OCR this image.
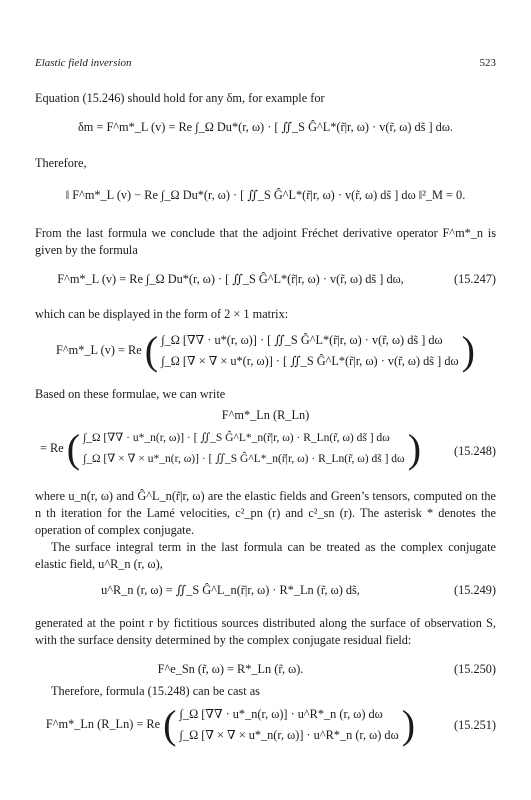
Elastic field inversion	523
Equation (15.246) should hold for any δm, for example for
δm = F^m*_L (v) = Re ∫_Ω Du*(r, ω) · [ ∬_S Ĝ^L*(r̃|r, ω) · v(r̃, ω) ds̃ ] dω.
Therefore,
‖ F^m*_L (v) − Re ∫_Ω Du*(r, ω) · [ ∬_S Ĝ^L*(r̃|r, ω) · v(r̃, ω) ds̃ ] dω ‖²_M = 0.
From the last formula we conclude that the adjoint Fréchet derivative operator F^m*_n is given by the formula
F^m*_L (v) = Re ∫_Ω Du*(r, ω) · [ ∬_S Ĝ^L*(r̃|r, ω) · v(r̃, ω) ds̃ ] dω,	(15.247)
which can be displayed in the form of 2 × 1 matrix:
F^m*_L (v) = Re ( ∫_Ω [∇∇ · u*(r, ω)] · [ ∬_S Ĝ^L*(r̃|r, ω) · v(r̃, ω) ds̃ ] dω
∫_Ω [∇ × ∇ × u*(r, ω)] · [ ∬_S Ĝ^L*(r̃|r, ω) · v(r̃, ω) ds̃ ] dω )
Based on these formulae, we can write
F^m*_Ln (R_Ln)
= Re ( ∫_Ω [∇∇ · u*_n(r, ω)] · [ ∬_S Ĝ^L*_n(r̃|r, ω) · R_Ln(r̃, ω) ds̃ ] dω
∫_Ω [∇ × ∇ × u*_n(r, ω)] · [ ∬_S Ĝ^L*_n(r̃|r, ω) · R_Ln(r̃, ω) ds̃ ] dω )	(15.248)
where u_n(r, ω) and Ĝ^L_n(r̃|r, ω) are the elastic fields and Green’s tensors, computed on the n th iteration for the Lamé velocities, c²_pn (r) and c²_sn (r). The asterisk * denotes the operation of complex conjugate.
The surface integral term in the last formula can be treated as the complex conjugate elastic field, u^R_n (r, ω),
u^R_n (r, ω) = ∬_S Ĝ^L_n(r̃|r, ω) · R*_Ln (r̃, ω) ds̃,	(15.249)
generated at the point r by fictitious sources distributed along the surface of observation S, with the surface density determined by the complex conjugate residual field:
F^e_Sn (r̃, ω) = R*_Ln (r̃, ω).	(15.250)
Therefore, formula (15.248) can be cast as
F^m*_Ln (R_Ln) = Re ( ∫_Ω [∇∇ · u*_n(r, ω)] · u^R*_n (r, ω) dω
∫_Ω [∇ × ∇ × u*_n(r, ω)] · u^R*_n (r, ω) dω )	(15.251)
